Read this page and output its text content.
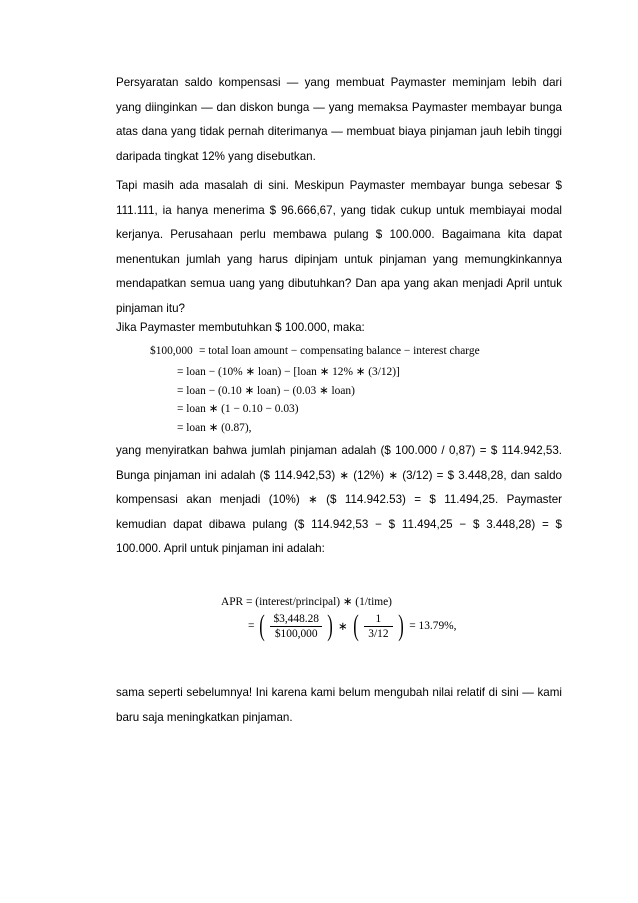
Persyaratan saldo kompensasi — yang membuat Paymaster meminjam lebih dari yang diinginkan — dan diskon bunga — yang memaksa Paymaster membayar bunga atas dana yang tidak pernah diterimanya — membuat biaya pinjaman jauh lebih tinggi daripada tingkat 12% yang disebutkan.
Tapi masih ada masalah di sini. Meskipun Paymaster membayar bunga sebesar $ 111.111, ia hanya menerima $ 96.666,67, yang tidak cukup untuk membiayai modal kerjanya. Perusahaan perlu membawa pulang $ 100.000. Bagaimana kita dapat menentukan jumlah yang harus dipinjam untuk pinjaman yang memungkinkannya mendapatkan semua uang yang dibutuhkan? Dan apa yang akan menjadi April untuk pinjaman itu?
Jika Paymaster membutuhkan $ 100.000, maka:
$100,000 = total loan amount − compensating balance − interest charge
= loan − (10% ∗ loan) − [loan ∗ 12% ∗ (3/12)]
= loan − (0.10 ∗ loan) − (0.03 ∗ loan)
= loan ∗ (1 − 0.10 − 0.03)
= loan ∗ (0.87),
yang menyiratkan bahwa jumlah pinjaman adalah ($ 100.000 / 0,87) = $ 114.942,53. Bunga pinjaman ini adalah ($ 114.942,53) ∗ (12%) ∗ (3/12) = $ 3.448,28, dan saldo kompensasi akan menjadi (10%) ∗ ($ 114.942.53) = $ 11.494,25. Paymaster kemudian dapat dibawa pulang ($ 114.942,53 − $ 11.494,25 − $ 3.448,28) = $ 100.000. April untuk pinjaman ini adalah:
APR = (interest/principal) ∗ (1/time)
= ( $\frac{\$3,448.28}{\$100,000}$ ) ∗ ( $\frac{1}{3/12}$ ) = 13.79%,
sama seperti sebelumnya! Ini karena kami belum mengubah nilai relatif di sini — kami baru saja meningkatkan pinjaman.
